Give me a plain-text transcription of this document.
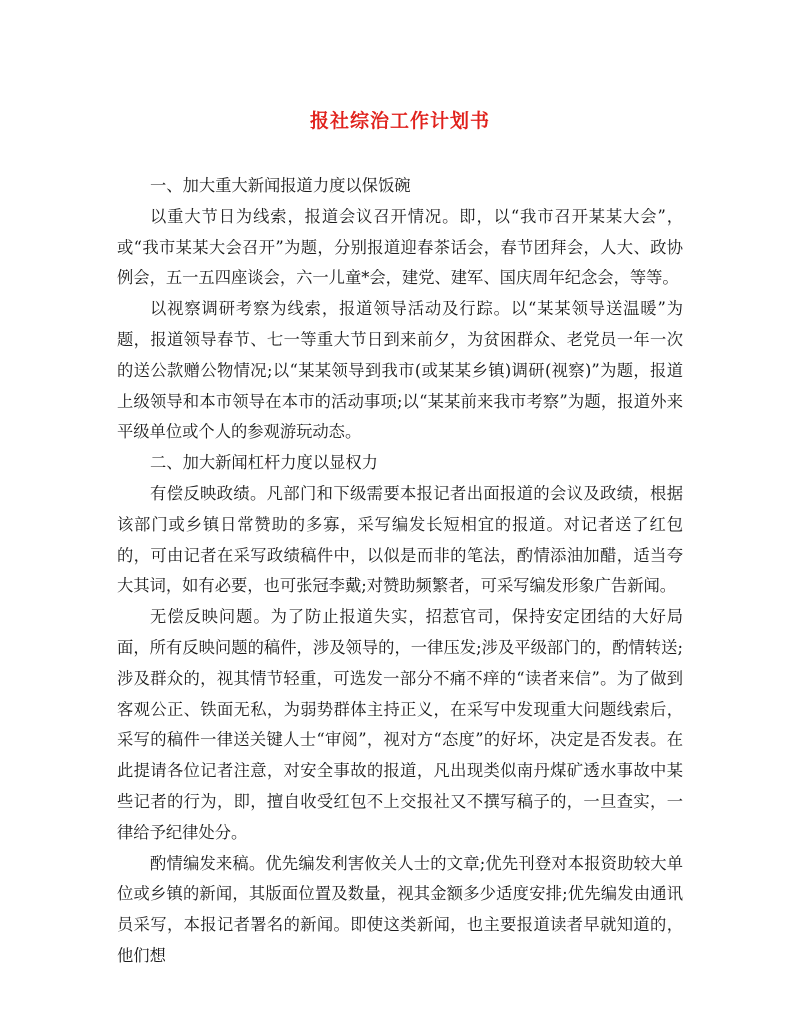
报社综治工作计划书

一、加大重大新闻报道力度以保饭碗

以重大节日为线索，报道会议召开情况。即，以“我市召开某某大会”，或“我市某某大会召开”为题，分别报道迎春茶话会，春节团拜会，人大、政协例会，五一五四座谈会，六一儿童*会，建党、建军、国庆周年纪念会，等等。

以视察调研考察为线索，报道领导活动及行踪。以“某某领导送温暖”为题，报道领导春节、七一等重大节日到来前夕，为贫困群众、老党员一年一次的送公款赠公物情况;以“某某领导到我市(或某某乡镇)调研(视察)”为题，报道上级领导和本市领导在本市的活动事项;以“某某前来我市考察”为题，报道外来平级单位或个人的参观游玩动态。

二、加大新闻杠杆力度以显权力

有偿反映政绩。凡部门和下级需要本报记者出面报道的会议及政绩，根据该部门或乡镇日常赞助的多寡，采写编发长短相宜的报道。对记者送了红包的，可由记者在采写政绩稿件中，以似是而非的笔法，酌情添油加醋，适当夸大其词，如有必要，也可张冠李戴;对赞助频繁者，可采写编发形象广告新闻。

无偿反映问题。为了防止报道失实，招惹官司，保持安定团结的大好局面，所有反映问题的稿件，涉及领导的，一律压发;涉及平级部门的，酌情转送;涉及群众的，视其情节轻重，可选发一部分不痛不痒的“读者来信”。为了做到客观公正、铁面无私，为弱势群体主持正义，在采写中发现重大问题线索后，采写的稿件一律送关键人士“审阅”，视对方“态度”的好坏，决定是否发表。在此提请各位记者注意，对安全事故的报道，凡出现类似南丹煤矿透水事故中某些记者的行为，即，擅自收受红包不上交报社又不撰写稿子的，一旦查实，一律给予纪律处分。

酌情编发来稿。优先编发利害攸关人士的文章;优先刊登对本报资助较大单位或乡镇的新闻，其版面位置及数量，视其金额多少适度安排;优先编发由通讯员采写，本报记者署名的新闻。即使这类新闻，也主要报道读者早就知道的，他们想
